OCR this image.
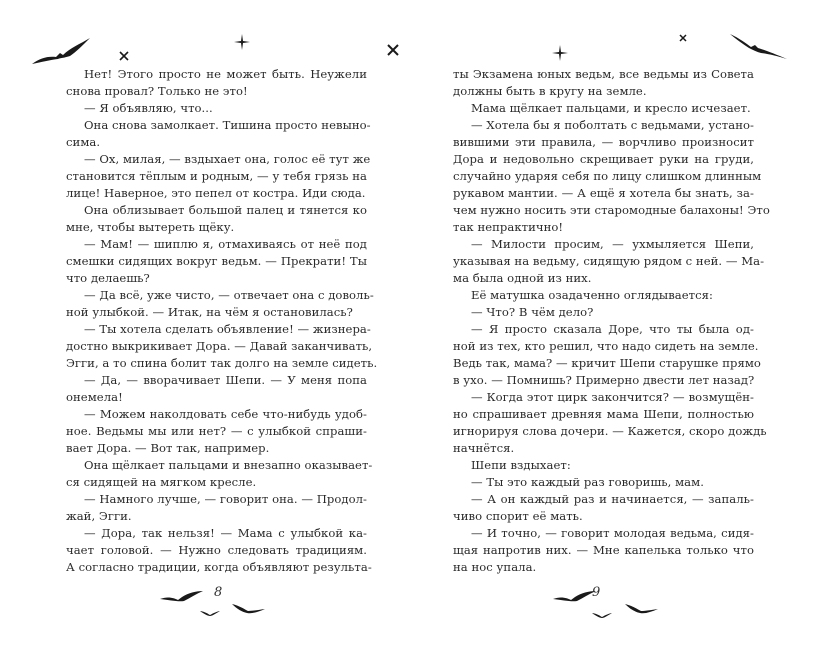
Нет! Этого просто не может быть. Неужели
снова провал? Только не это!
— Я объявляю, что...
Она снова замолкает. Тишина просто невыно-
сима.
— Ох, милая, — вздыхает она, голос её тут же
становится тёплым и родным, — у тебя грязь на
лице! Наверное, это пепел от костра. Иди сюда.
Она облизывает большой палец и тянется ко
мне, чтобы вытереть щёку.
— Мам! — шиплю я, отмахиваясь от неё под
смешки сидящих вокруг ведьм. — Прекрати! Ты
что делаешь?
— Да всё, уже чисто, — отвечает она с доволь-
ной улыбкой. — Итак, на чём я остановилась?
— Ты хотела сделать объявление! — жизнера-
достно выкрикивает Дора. — Давай заканчивать,
Эгги, а то спина болит так долго на земле сидеть.
— Да, — вворачивает Шепи. — У меня попа
онемела!
— Можем наколдовать себе что-нибудь удоб-
ное. Ведьмы мы или нет? — с улыбкой спраши-
вает Дора. — Вот так, например.
Она щёлкает пальцами и внезапно оказывает-
ся сидящей на мягком кресле.
— Намного лучше, — говорит она. — Продол-
жай, Эгги.
— Дора, так нельзя! — Мама с улыбкой ка-
чает головой. — Нужно следовать традициям.
А согласно традиции, когда объявляют результа-
8
ты Экзамена юных ведьм, все ведьмы из Совета
должны быть в кругу на земле.
Мама щёлкает пальцами, и кресло исчезает.
— Хотела бы я поболтать с ведьмами, устано-
вившими эти правила, — ворчливо произносит
Дора и недовольно скрещивает руки на груди,
случайно ударяя себя по лицу слишком длинным
рукавом мантии. — А ещё я хотела бы знать, за-
чем нужно носить эти старомодные балахоны! Это
так непрактично!
— Милости просим, — ухмыляется Шепи,
указывая на ведьму, сидящую рядом с ней. — Ма-
ма была одной из них.
Её матушка озадаченно оглядывается:
— Что? В чём дело?
— Я просто сказала Доре, что ты была од-
ной из тех, кто решил, что надо сидеть на земле.
Ведь так, мама? — кричит Шепи старушке прямо
в ухо. — Помнишь? Примерно двести лет назад?
— Когда этот цирк закончится? — возмущён-
но спрашивает древняя мама Шепи, полностью
игнорируя слова дочери. — Кажется, скоро дождь
начнётся.
Шепи вздыхает:
— Ты это каждый раз говоришь, мам.
— А он каждый раз и начинается, — запаль-
чиво спорит её мать.
— И точно, — говорит молодая ведьма, сидя-
щая напротив них. — Мне капелька только что
на нос упала.
9
